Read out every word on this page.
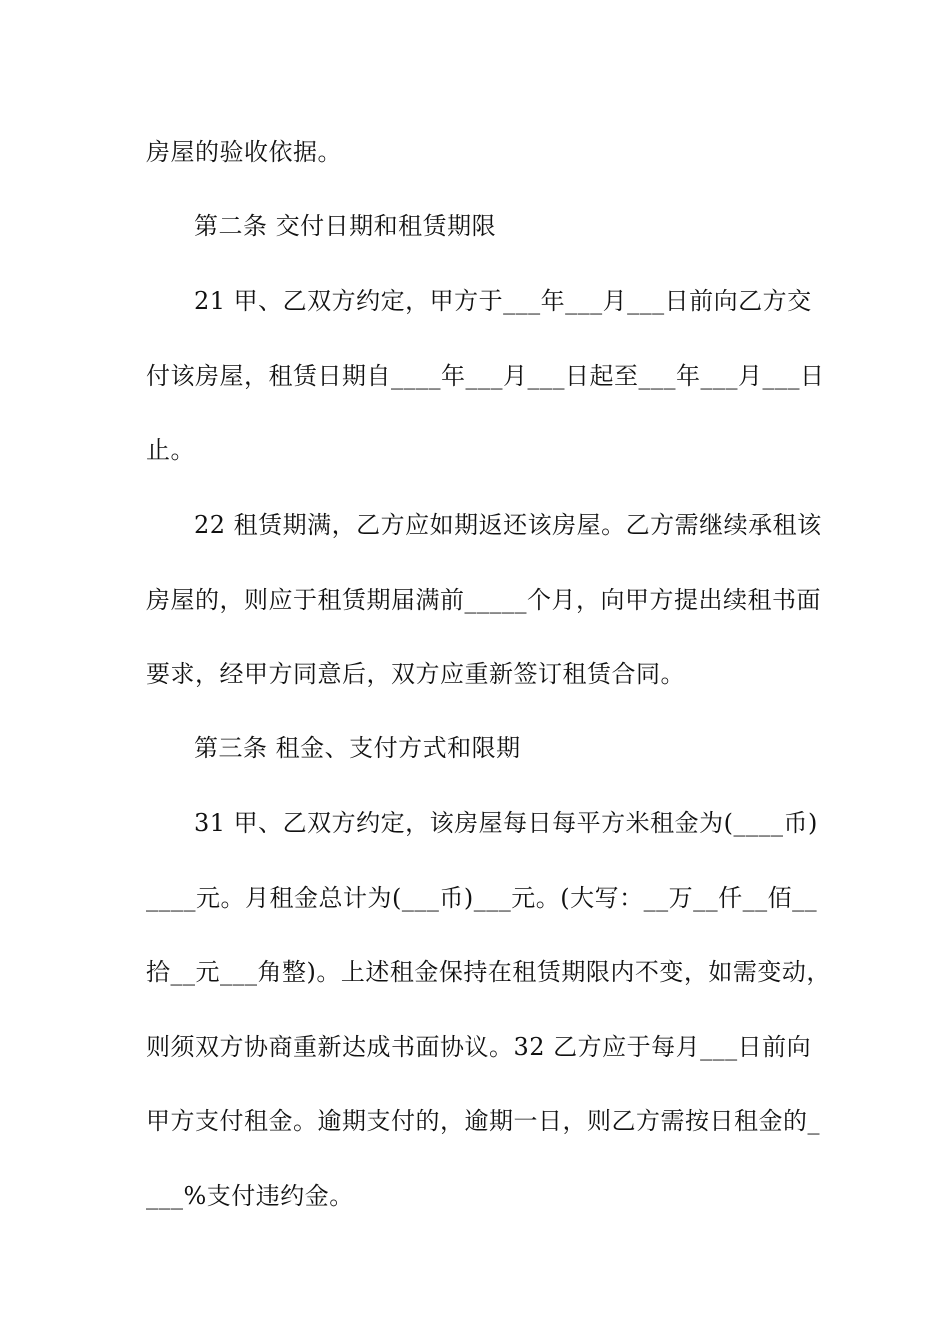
房屋的验收依据。
第二条 交付日期和租赁期限
21 甲、乙双方约定，甲方于___年___月___日前向乙方交
付该房屋，租赁日期自____年___月___日起至___年___月___日
止。
22 租赁期满，乙方应如期返还该房屋。乙方需继续承租该
房屋的，则应于租赁期届满前_____个月，向甲方提出续租书面
要求，经甲方同意后，双方应重新签订租赁合同。
第三条 租金、支付方式和限期
31 甲、乙双方约定，该房屋每日每平方米租金为(____币)
____元。月租金总计为(___币)___元。(大写：__万__仟__佰__
拾__元___角整)。上述租金保持在租赁期限内不变，如需变动，
则须双方协商重新达成书面协议。32 乙方应于每月___日前向
甲方支付租金。逾期支付的，逾期一日，则乙方需按日租金的_
___%支付违约金。
